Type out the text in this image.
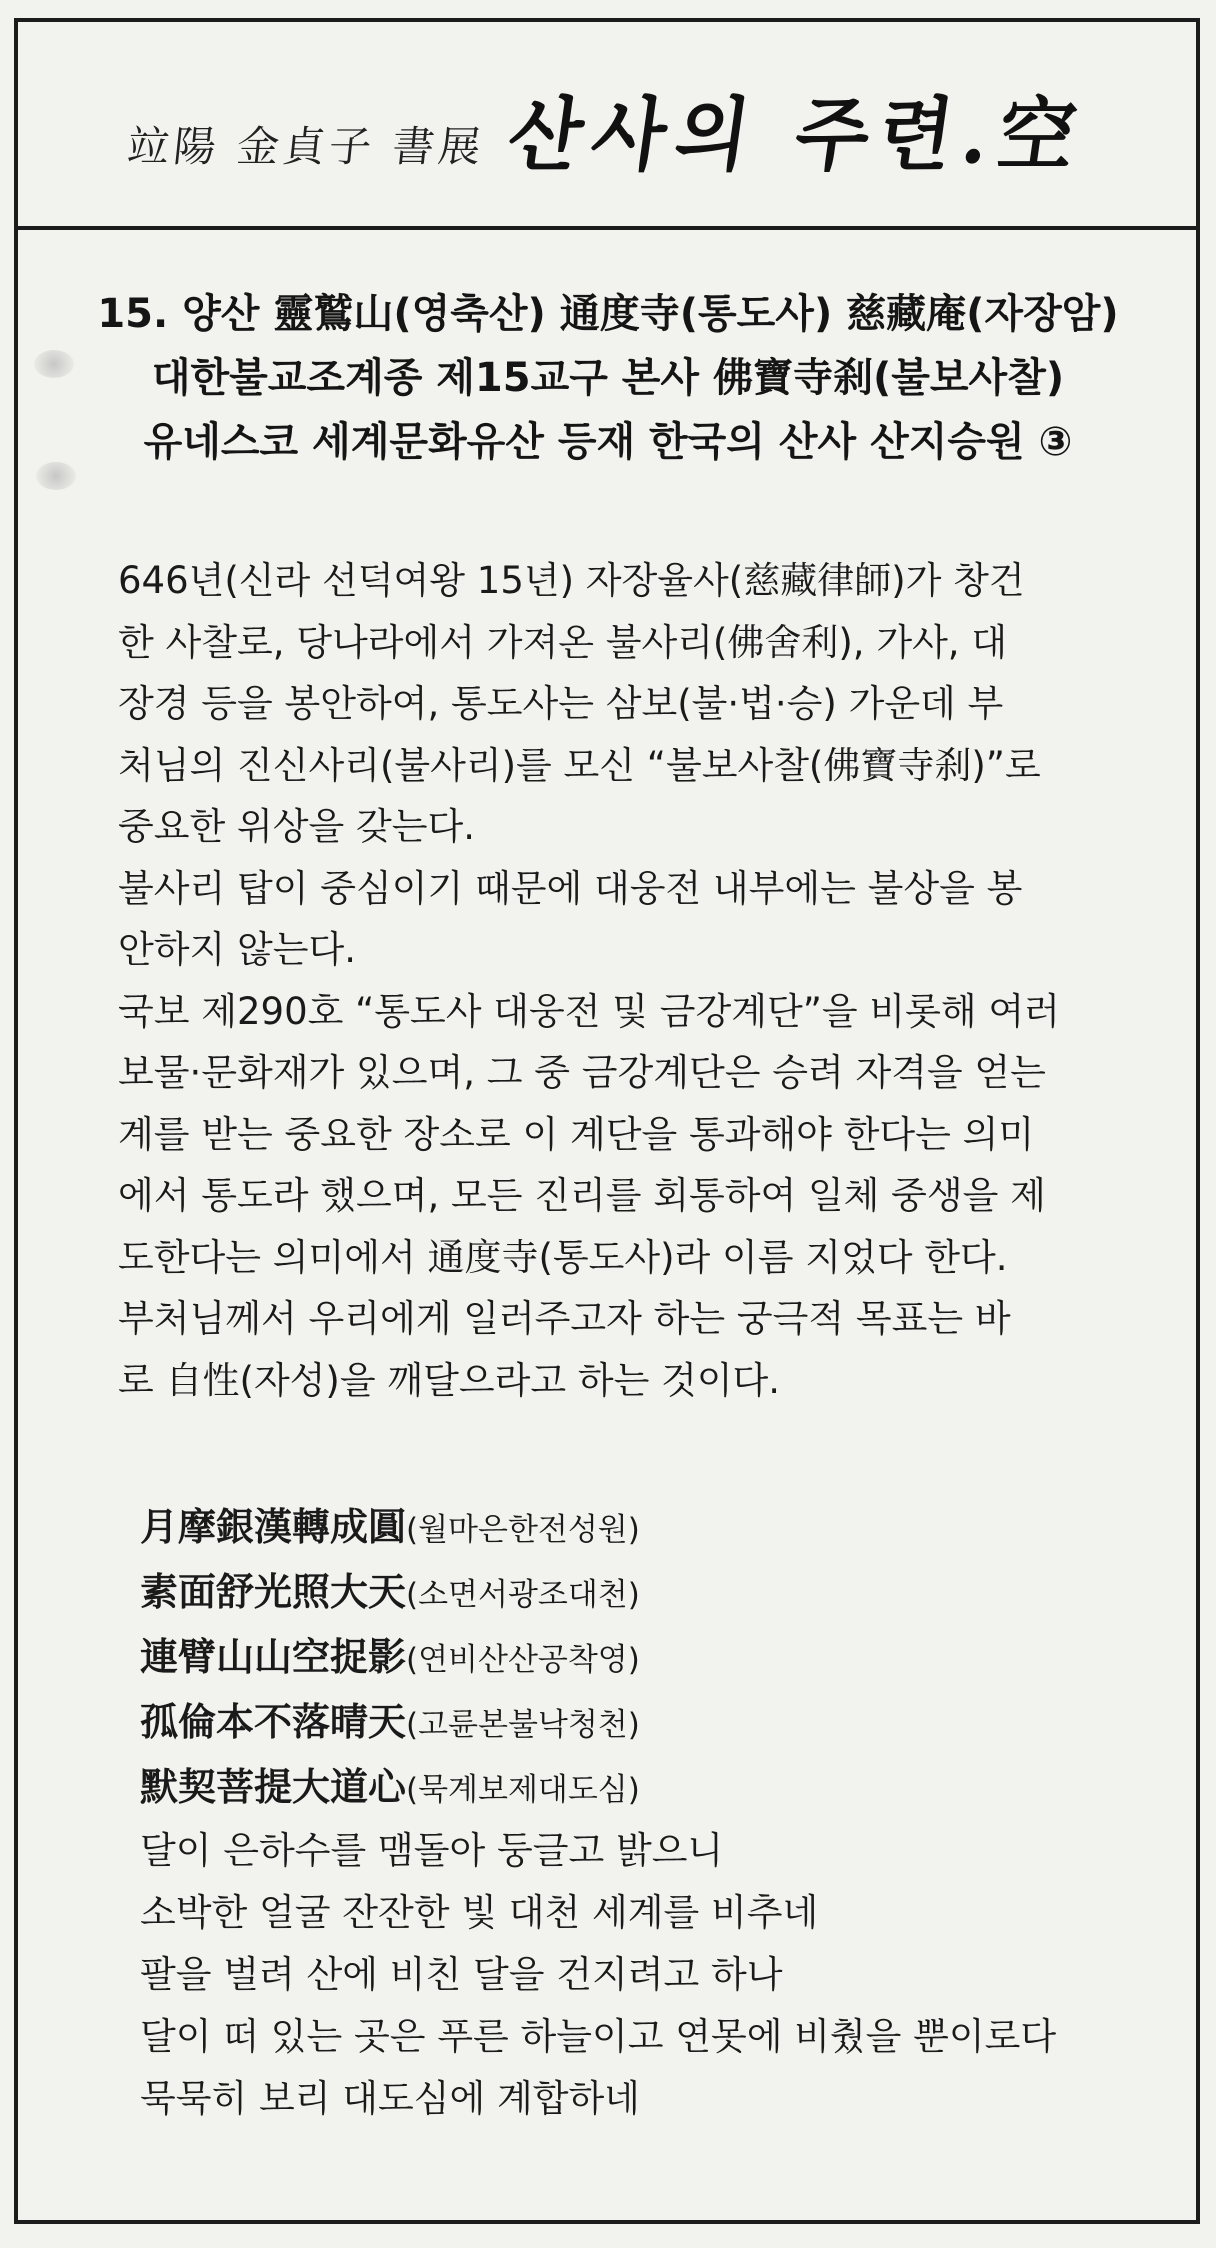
竝陽 金貞子 書展 산사의 주련.空
15. 양산 靈鷲山(영축산) 通度寺(통도사) 慈藏庵(자장암)
대한불교조계종 제15교구 본사 佛寶寺刹(불보사찰)
유네스코 세계문화유산 등재 한국의 산사 산지승원 ③
646년(신라 선덕여왕 15년) 자장율사(慈藏律師)가 창건
한 사찰로, 당나라에서 가져온 불사리(佛舍利), 가사, 대
장경 등을 봉안하여, 통도사는 삼보(불·법·승) 가운데 부
처님의 진신사리(불사리)를 모신 “불보사찰(佛寶寺刹)”로
중요한 위상을 갖는다.
불사리 탑이 중심이기 때문에 대웅전 내부에는 불상을 봉
안하지 않는다.
국보 제290호 “통도사 대웅전 및 금강계단”을 비롯해 여러
보물·문화재가 있으며, 그 중 금강계단은 승려 자격을 얻는
계를 받는 중요한 장소로 이 계단을 통과해야 한다는 의미
에서 통도라 했으며, 모든 진리를 회통하여 일체 중생을 제
도한다는 의미에서 通度寺(통도사)라 이름 지었다 한다.
부처님께서 우리에게 일러주고자 하는 궁극적 목표는 바
로 自性(자성)을 깨달으라고 하는 것이다.
月摩銀漢轉成圓(월마은한전성원)
素面舒光照大天(소면서광조대천)
連臂山山空捉影(연비산산공착영)
孤倫本不落晴天(고륜본불낙청천)
默契菩提大道心(묵계보제대도심)
달이 은하수를 맴돌아 둥글고 밝으니
소박한 얼굴 잔잔한 빛 대천 세계를 비추네
팔을 벌려 산에 비친 달을 건지려고 하나
달이 떠 있는 곳은 푸른 하늘이고 연못에 비췄을 뿐이로다
묵묵히 보리 대도심에 계합하네
